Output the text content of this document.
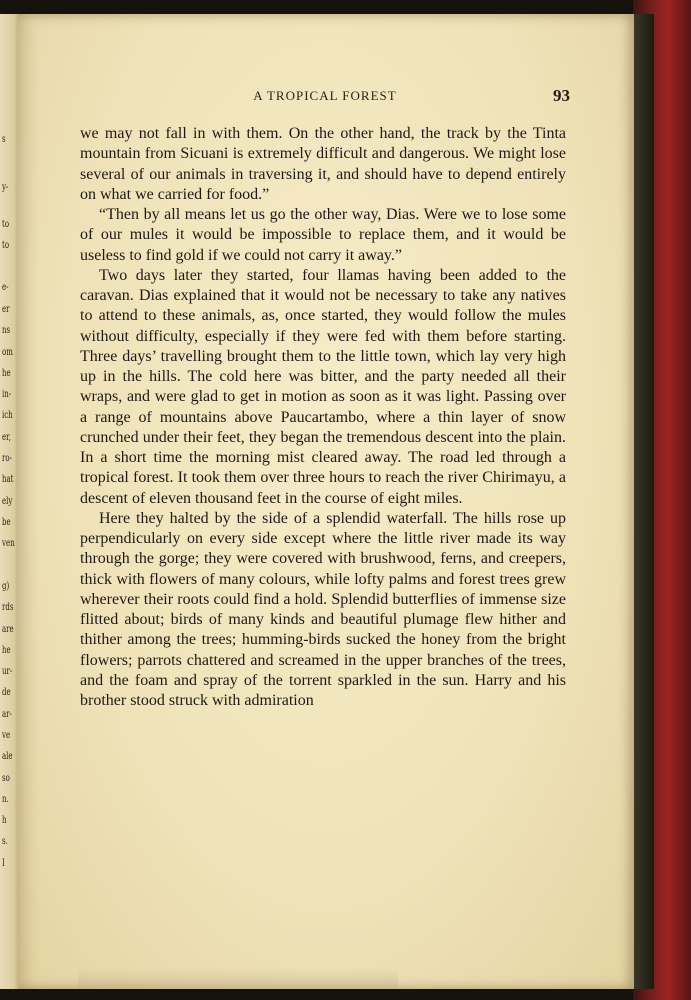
s
y-
to
to
e-
er
ns
om
he
in-
ich
er,
ro-
hat
ely
be
ven
g)
rds
are
he
ur-
de
ar-
ve
ale
so
n.
h
s.
I
A TROPICAL FOREST	93

we may not fall in with them. On the other hand, the track by the Tinta mountain from Sicuani is extremely difficult and dangerous. We might lose several of our animals in traversing it, and should have to depend entirely on what we carried for food.”

“Then by all means let us go the other way, Dias. Were we to lose some of our mules it would be impossible to replace them, and it would be useless to find gold if we could not carry it away.”

Two days later they started, four llamas having been added to the caravan. Dias explained that it would not be necessary to take any natives to attend to these animals, as, once started, they would follow the mules without difficulty, especially if they were fed with them before starting. Three days’ travelling brought them to the little town, which lay very high up in the hills. The cold here was bitter, and the party needed all their wraps, and were glad to get in motion as soon as it was light. Passing over a range of mountains above Paucartambo, where a thin layer of snow crunched under their feet, they began the tremendous descent into the plain. In a short time the morning mist cleared away. The road led through a tropical forest. It took them over three hours to reach the river Chirimayu, a descent of eleven thousand feet in the course of eight miles.

Here they halted by the side of a splendid waterfall. The hills rose up perpendicularly on every side except where the little river made its way through the gorge; they were covered with brushwood, ferns, and creepers, thick with flowers of many colours, while lofty palms and forest trees grew wherever their roots could find a hold. Splendid butterflies of immense size flitted about; birds of many kinds and beautiful plumage flew hither and thither among the trees; humming-birds sucked the honey from the bright flowers; parrots chattered and screamed in the upper branches of the trees, and the foam and spray of the torrent sparkled in the sun. Harry and his brother stood struck with admiration
